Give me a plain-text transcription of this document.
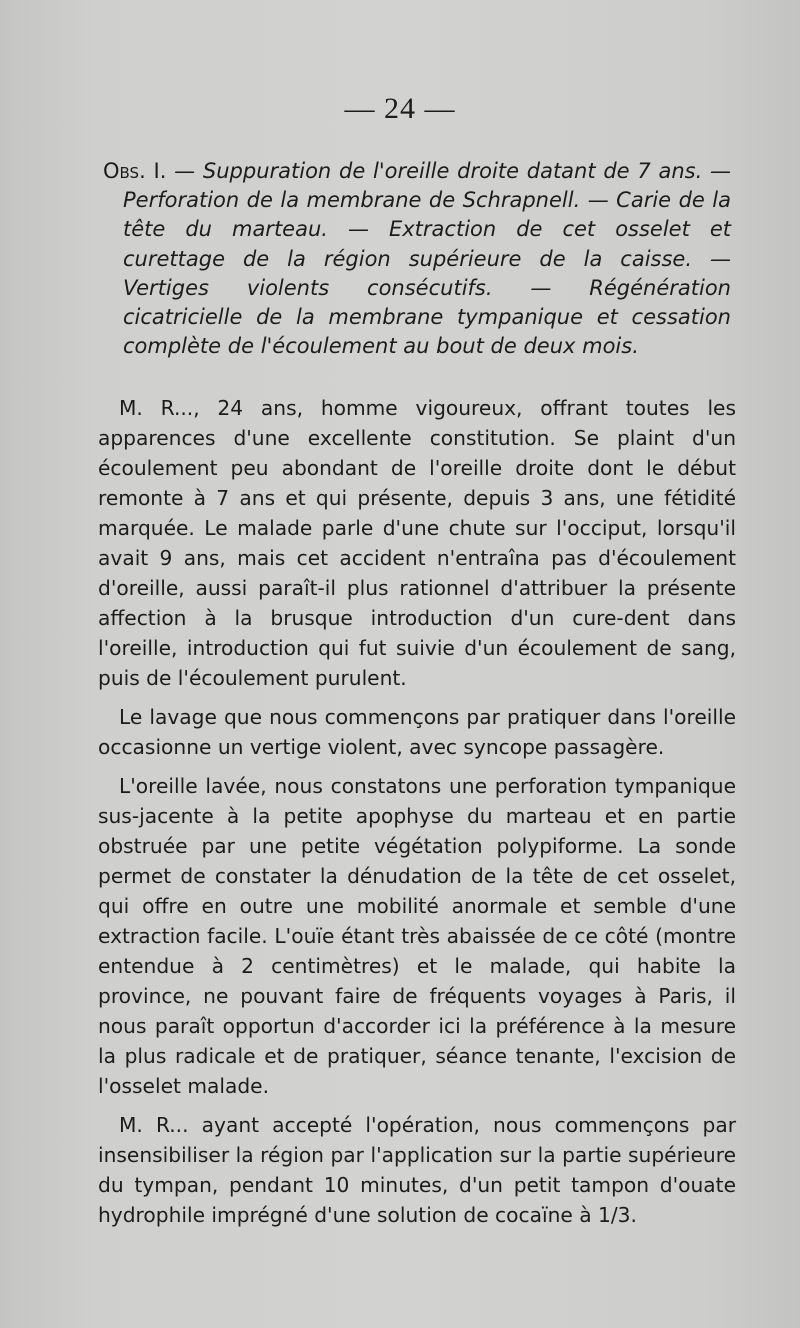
— 24 —

Obs. I. — Suppuration de l'oreille droite datant de 7 ans. — Perforation de la membrane de Schrapnell. — Carie de la tête du marteau. — Extraction de cet osselet et curettage de la région supérieure de la caisse. — Vertiges violents consécutifs. — Régénération cicatricielle de la membrane tympanique et cessation complète de l'écoulement au bout de deux mois.

M. R..., 24 ans, homme vigoureux, offrant toutes les apparences d'une excellente constitution. Se plaint d'un écoulement peu abondant de l'oreille droite dont le début remonte à 7 ans et qui présente, depuis 3 ans, une fétidité marquée. Le malade parle d'une chute sur l'occiput, lorsqu'il avait 9 ans, mais cet accident n'entraîna pas d'écoulement d'oreille, aussi paraît-il plus rationnel d'attribuer la présente affection à la brusque introduction d'un cure-dent dans l'oreille, introduction qui fut suivie d'un écoulement de sang, puis de l'écoulement purulent.

Le lavage que nous commençons par pratiquer dans l'oreille occasionne un vertige violent, avec syncope passagère.

L'oreille lavée, nous constatons une perforation tympanique sus-jacente à la petite apophyse du marteau et en partie obstruée par une petite végétation polypiforme. La sonde permet de constater la dénudation de la tête de cet osselet, qui offre en outre une mobilité anormale et semble d'une extraction facile. L'ouïe étant très abaissée de ce côté (montre entendue à 2 centimètres) et le malade, qui habite la province, ne pouvant faire de fréquents voyages à Paris, il nous paraît opportun d'accorder ici la préférence à la mesure la plus radicale et de pratiquer, séance tenante, l'excision de l'osselet malade.

M. R... ayant accepté l'opération, nous commençons par insensibiliser la région par l'application sur la partie supérieure du tympan, pendant 10 minutes, d'un petit tampon d'ouate hydrophile imprégné d'une solution de cocaïne à 1/3.
